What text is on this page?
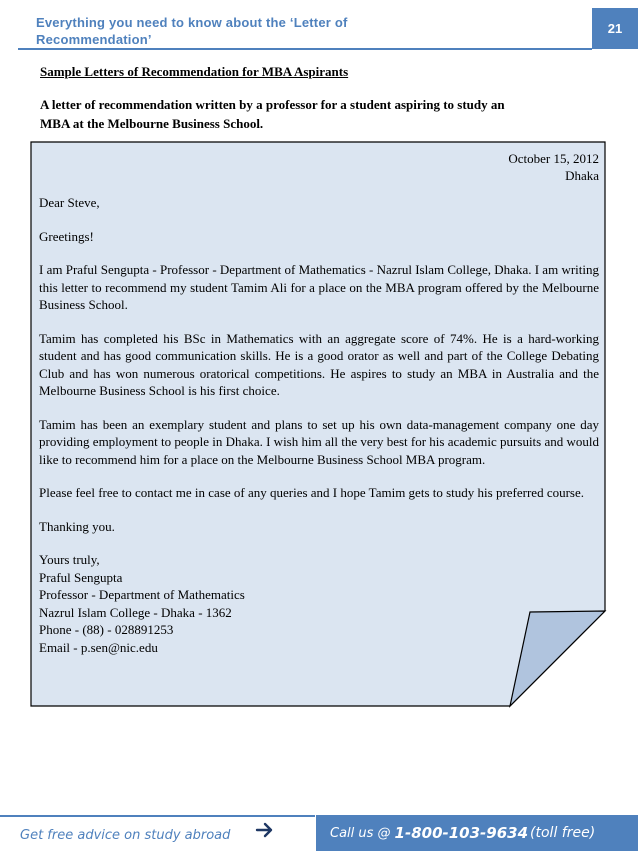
Everything you need to know about the ‘Letter of
Recommendation’
21
Sample Letters of Recommendation for MBA Aspirants
A letter of recommendation written by a professor for a student aspiring to study an
MBA at the Melbourne Business School.
October 15, 2012
Dhaka

Dear Steve,

Greetings!

I am Praful Sengupta - Professor - Department of Mathematics - Nazrul Islam College, Dhaka. I am writing this letter to recommend my student Tamim Ali for a place on the MBA program offered by the Melbourne Business School.

Tamim has completed his BSc in Mathematics with an aggregate score of 74%. He is a hard-working student and has good communication skills. He is a good orator as well and part of the College Debating Club and has won numerous oratorical competitions. He aspires to study an MBA in Australia and the Melbourne Business School is his first choice.

Tamim has been an exemplary student and plans to set up his own data-management company one day providing employment to people in Dhaka. I wish him all the very best for his academic pursuits and would like to recommend him for a place on the Melbourne Business School MBA program.

Please feel free to contact me in case of any queries and I hope Tamim gets to study his preferred course.

Thanking you.

Yours truly,
Praful Sengupta
Professor - Department of Mathematics
Nazrul Islam College - Dhaka - 1362
Phone - (88) - 028891253
Email - p.sen@nic.edu
Get free advice on study abroad	Call us @ 1-800-103-9634 (toll free)
